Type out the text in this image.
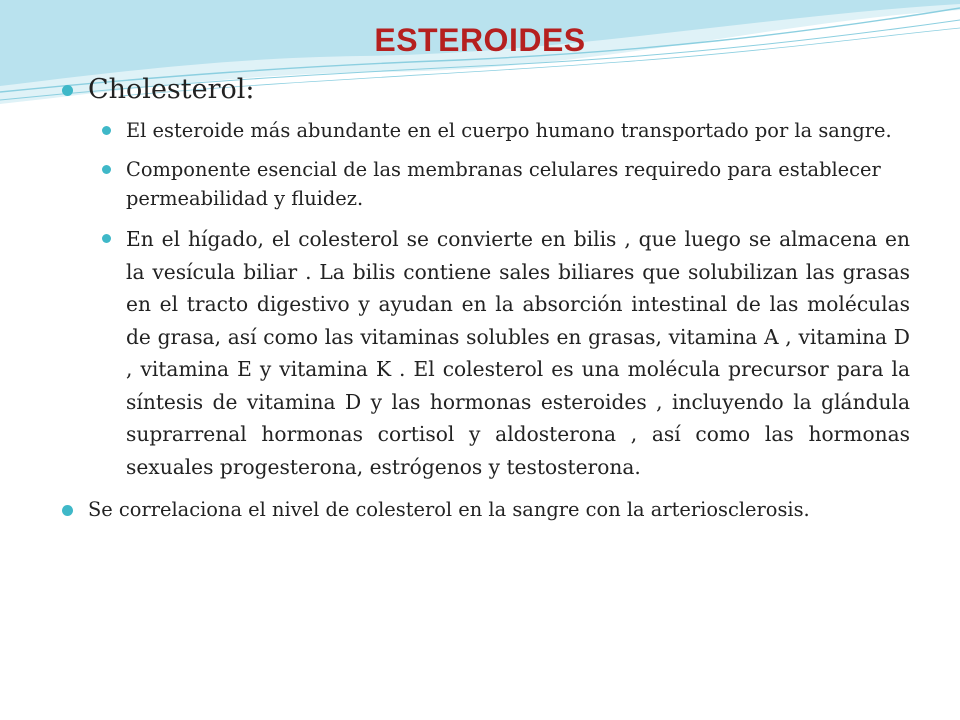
ESTEROIDES
Cholesterol:
El esteroide más abundante en el cuerpo humano transportado por la sangre.
Componente esencial de las membranas celulares requiredo para establecer permeabilidad y fluidez.
En el hígado, el colesterol se convierte en bilis , que luego se almacena en la vesícula biliar . La bilis contiene sales biliares que solubilizan las grasas en el tracto digestivo y ayudan en la absorción intestinal de las moléculas de grasa, así como las vitaminas solubles en grasas, vitamina A , vitamina D , vitamina E y vitamina K . El colesterol es una molécula precursor para la síntesis de vitamina D y las hormonas esteroides , incluyendo la glándula suprarrenal hormonas cortisol y aldosterona , así como las hormonas sexuales progesterona, estrógenos y testosterona.
Se correlaciona el nivel de colesterol en la sangre con la arteriosclerosis.
